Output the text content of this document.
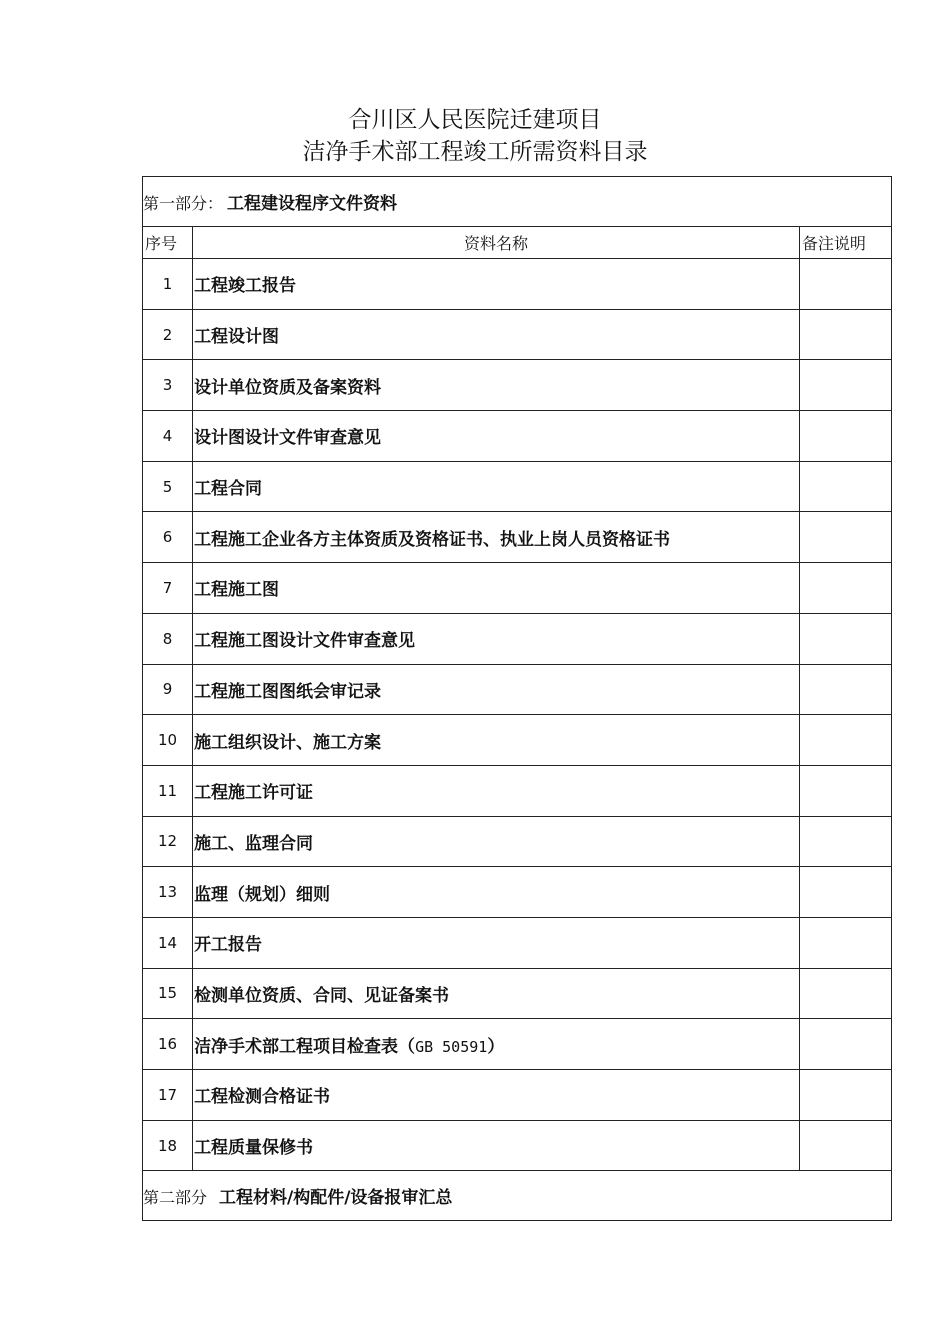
合川区人民医院迁建项目
洁净手术部工程竣工所需资料目录
第一部分： 工程建设程序文件资料		
序号	资料名称	备注说明
1	工程竣工报告	
2	工程设计图	
3	设计单位资质及备案资料	
4	设计图设计文件审查意见	
5	工程合同	
6	工程施工企业各方主体资质及资格证书、执业上岗人员资格证书	
7	工程施工图	
8	工程施工图设计文件审查意见	
9	工程施工图图纸会审记录	
10	施工组织设计、施工方案	
11	工程施工许可证	
12	施工、监理合同	
13	监理（规划）细则	
14	开工报告	
15	检测单位资质、合同、见证备案书	
16	洁净手术部工程项目检查表（GB 50591）	
17	工程检测合格证书	
18	工程质量保修书	
第二部分 工程材料/构配件/设备报审汇总		
